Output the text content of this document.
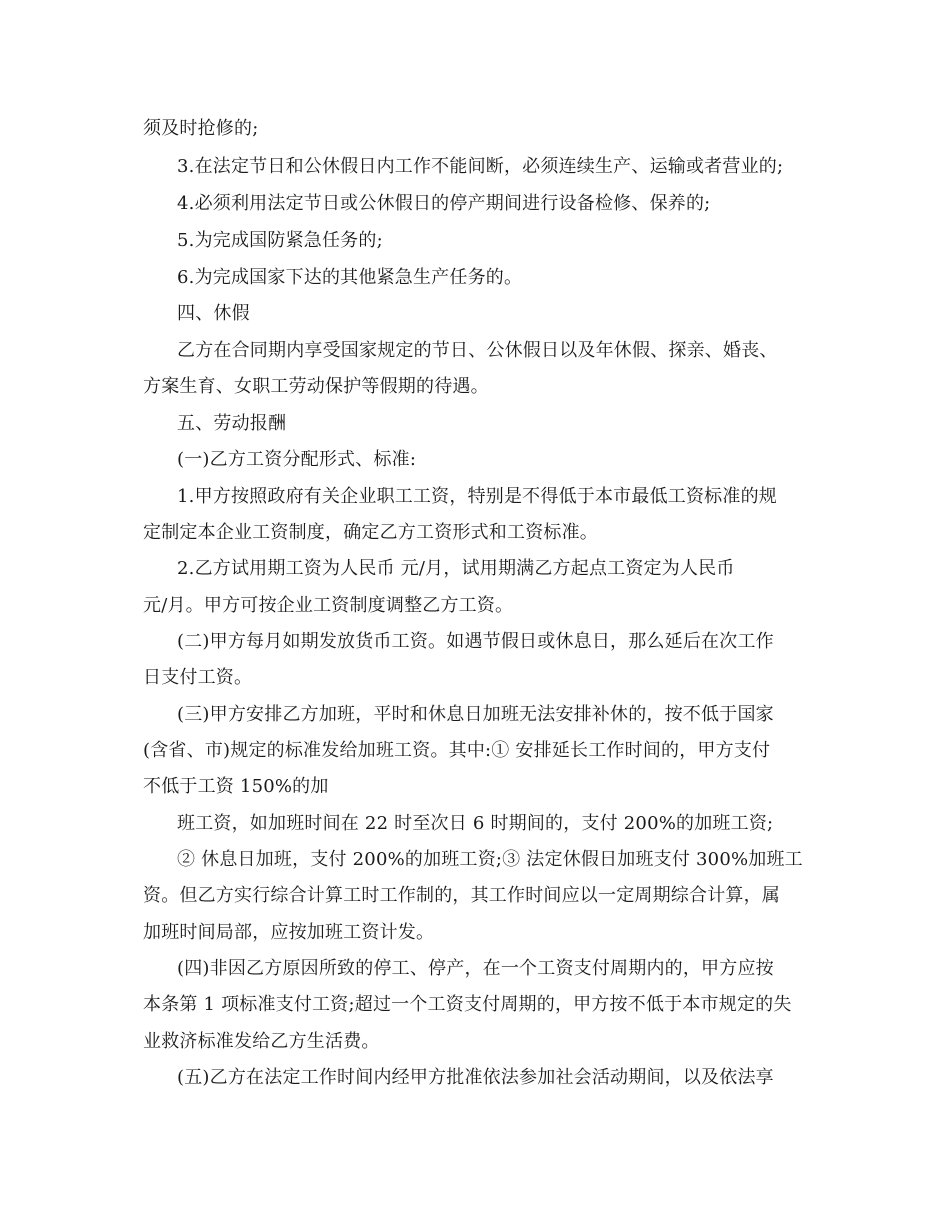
须及时抢修的;
3.在法定节日和公休假日内工作不能间断，必须连续生产、运输或者营业的;
4.必须利用法定节日或公休假日的停产期间进行设备检修、保养的;
5.为完成国防紧急任务的;
6.为完成国家下达的其他紧急生产任务的。
四、休假
乙方在合同期内享受国家规定的节日、公休假日以及年休假、探亲、婚丧、
方案生育、女职工劳动保护等假期的待遇。
五、劳动报酬
(一)乙方工资分配形式、标准:
1.甲方按照政府有关企业职工工资，特别是不得低于本市最低工资标准的规
定制定本企业工资制度，确定乙方工资形式和工资标准。
2.乙方试用期工资为人民币 元/月，试用期满乙方起点工资定为人民币
元/月。甲方可按企业工资制度调整乙方工资。
(二)甲方每月如期发放货币工资。如遇节假日或休息日，那么延后在次工作
日支付工资。
(三)甲方安排乙方加班，平时和休息日加班无法安排补休的，按不低于国家
(含省、市)规定的标准发给加班工资。其中:① 安排延长工作时间的，甲方支付
不低于工资 150%的加
班工资，如加班时间在 22 时至次日 6 时期间的，支付 200%的加班工资;
② 休息日加班，支付 200%的加班工资;③ 法定休假日加班支付 300%加班工
资。但乙方实行综合计算工时工作制的，其工作时间应以一定周期综合计算，属
加班时间局部，应按加班工资计发。
(四)非因乙方原因所致的停工、停产，在一个工资支付周期内的，甲方应按
本条第 1 项标准支付工资;超过一个工资支付周期的，甲方按不低于本市规定的失
业救济标准发给乙方生活费。
(五)乙方在法定工作时间内经甲方批准依法参加社会活动期间，以及依法享
